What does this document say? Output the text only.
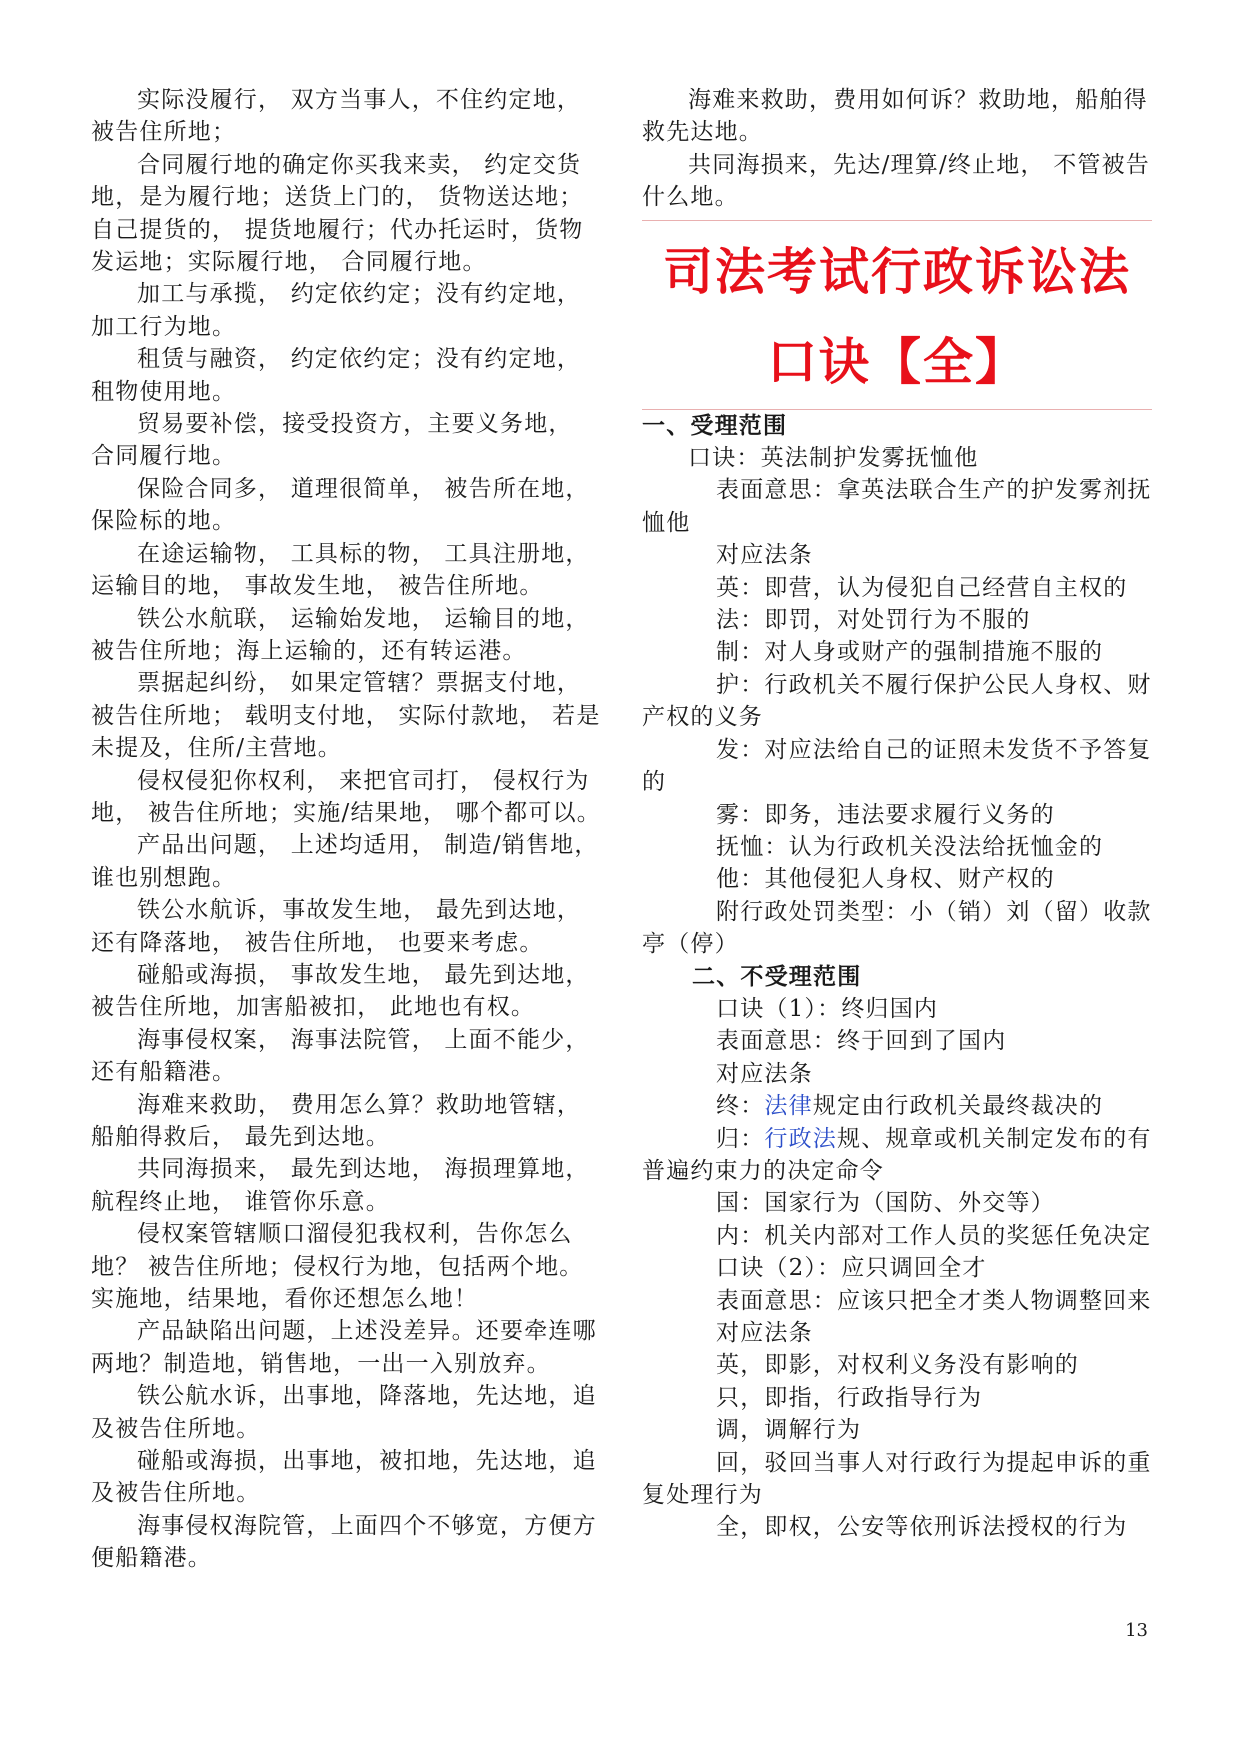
实际没履行， 双方当事人，不住约定地，被告住所地；

合同履行地的确定你买我来卖， 约定交货地，是为履行地；送货上门的， 货物送达地；自己提货的， 提货地履行；代办托运时，货物发运地；实际履行地， 合同履行地。

加工与承揽， 约定依约定；没有约定地，加工行为地。

租赁与融资， 约定依约定；没有约定地，租物使用地。

贸易要补偿，接受投资方，主要义务地， 合同履行地。

保险合同多， 道理很简单， 被告所在地，保险标的地。

在途运输物， 工具标的物， 工具注册地，运输目的地， 事故发生地， 被告住所地。

铁公水航联， 运输始发地， 运输目的地，被告住所地；海上运输的，还有转运港。

票据起纠纷， 如果定管辖？票据支付地，被告住所地； 载明支付地， 实际付款地， 若是未提及，住所/主营地。

侵权侵犯你权利， 来把官司打， 侵权行为地， 被告住所地；实施/结果地， 哪个都可以。

产品出问题， 上述均适用， 制造/销售地，谁也别想跑。

铁公水航诉，事故发生地， 最先到达地，还有降落地， 被告住所地， 也要来考虑。

碰船或海损， 事故发生地， 最先到达地，被告住所地，加害船被扣， 此地也有权。

海事侵权案， 海事法院管， 上面不能少，还有船籍港。

海难来救助， 费用怎么算？救助地管辖，船舶得救后， 最先到达地。

共同海损来， 最先到达地， 海损理算地，航程终止地， 谁管你乐意。

侵权案管辖顺口溜侵犯我权利，告你怎么地？ 被告住所地；侵权行为地，包括两个地。实施地，结果地，看你还想怎么地！

产品缺陷出问题，上述没差异。还要牵连哪两地？制造地，销售地，一出一入别放弃。

铁公航水诉，出事地，降落地，先达地，追及被告住所地。

碰船或海损，出事地，被扣地，先达地，追及被告住所地。

海事侵权海院管，上面四个不够宽，方便方便船籍港。

海难来救助，费用如何诉？救助地，船舶得救先达地。

共同海损来，先达/理算/终止地， 不管被告什么地。

司法考试行政诉讼法
口诀【全】

一、受理范围

口诀：英法制护发雾抚恤他

表面意思：拿英法联合生产的护发雾剂抚恤他

对应法条

英：即营，认为侵犯自己经营自主权的

法：即罚，对处罚行为不服的

制：对人身或财产的强制措施不服的

护：行政机关不履行保护公民人身权、财产权的义务

发：对应法给自己的证照未发货不予答复的

雾：即务，违法要求履行义务的

抚恤：认为行政机关没法给抚恤金的

他：其他侵犯人身权、财产权的

附行政处罚类型：小（销）刘（留）收款亭（停）

二、不受理范围

口诀（1）：终归国内

表面意思：终于回到了国内

对应法条

终：法律规定由行政机关最终裁决的

归：行政法规、规章或机关制定发布的有普遍约束力的决定命令

国：国家行为（国防、外交等）

内：机关内部对工作人员的奖惩任免决定

口诀（2）：应只调回全才

表面意思：应该只把全才类人物调整回来

对应法条

英，即影，对权利义务没有影响的

只，即指，行政指导行为

调，调解行为

回，驳回当事人对行政行为提起申诉的重复处理行为

全，即权，公安等依刑诉法授权的行为

13
